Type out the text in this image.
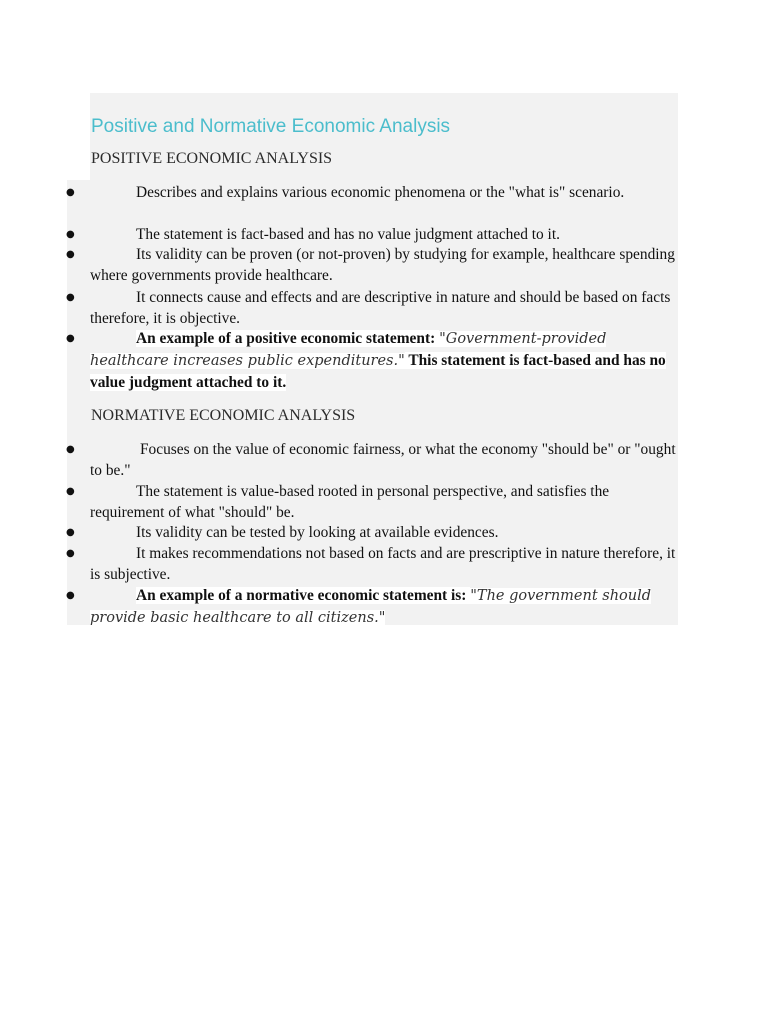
Positive and Normative Economic Analysis
POSITIVE ECONOMIC ANALYSIS
●	Describes and explains various economic phenomena or the "what is" scenario.
●	The statement is fact-based and has no value judgment attached to it.
●	Its validity can be proven (or not-proven) by studying for example, healthcare spending where governments provide healthcare.
●	It connects cause and effects and are descriptive in nature and should be based on facts therefore, it is objective.
●	An example of a positive economic statement: "Government-provided healthcare increases public expenditures." This statement is fact-based and has no value judgment attached to it.
NORMATIVE ECONOMIC ANALYSIS
●	Focuses on the value of economic fairness, or what the economy "should be" or "ought to be."
●	The statement is value-based rooted in personal perspective, and satisfies the requirement of what "should" be.
●	Its validity can be tested by looking at available evidences.
●	It makes recommendations not based on facts and are prescriptive in nature therefore, it is subjective.
●	An example of a normative economic statement is: "The government should provide basic healthcare to all citizens."
